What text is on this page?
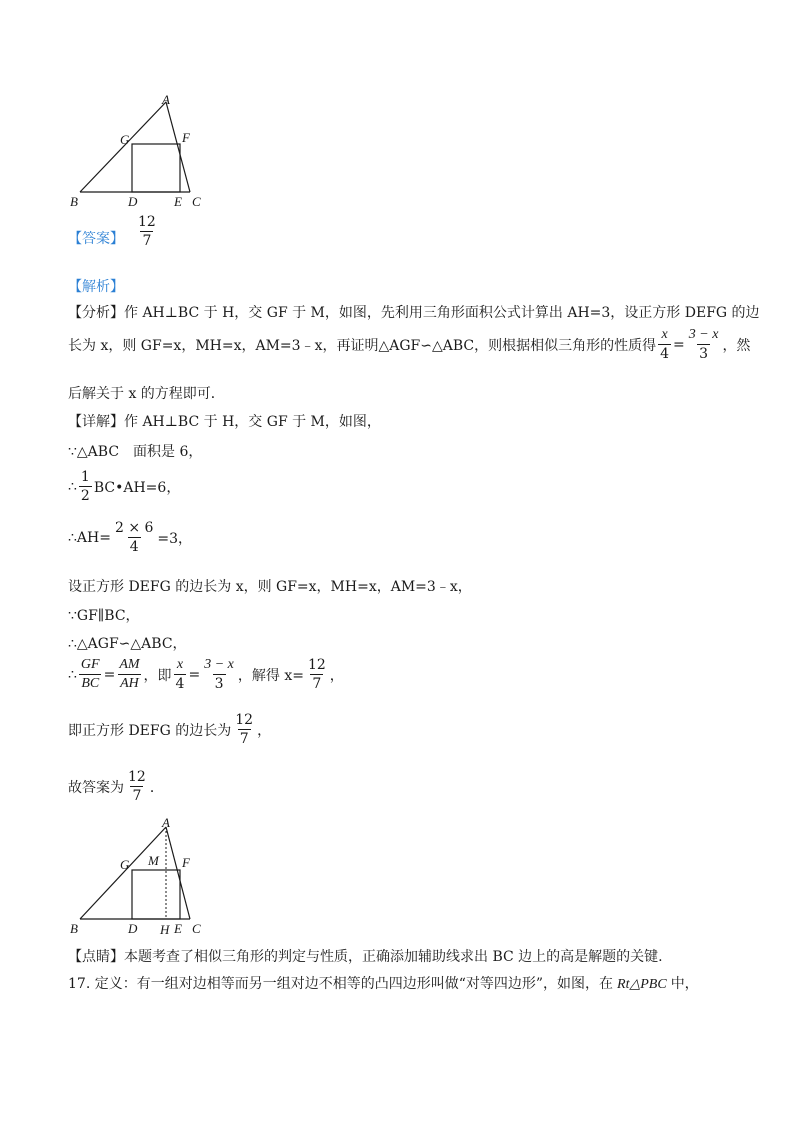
A
G	F
B	D	E C
【答案】 $\frac{12}{7}$
【解析】
【分析】作 AH⊥BC 于 H，交 GF 于 M，如图，先利用三角形面积公式计算出 AH=3，设正方形 DEFG 的边
长为 x，则 GF=x，MH=x，AM=3﹣x，再证明△AGF∽△ABC，则根据相似三角形的性质得 $\frac{x}{4} = \frac{3 - x}{3}$ ，然
后解关于 x 的方程即可．
【详解】作 AH⊥BC 于 H，交 GF 于 M，如图，
∵△ABC　面积是 6，
∴ $\frac{1}{2}$ BC•AH=6，
∴AH= $\frac{2 \times 6}{4} =3$，
设正方形 DEFG 的边长为 x，则 GF=x，MH=x，AM=3﹣x，
∵GF∥BC，
∴△AGF∽△ABC，
∴ $\frac{GF}{BC} = \frac{AM}{AH}$ ，即 $\frac{x}{4} = \frac{3 - x}{3}$ ，解得 $x= \frac{12}{7}$ ，
即正方形 DEFG 的边长为 $\frac{12}{7}$ ，
故答案为 $\frac{12}{7}$ ．
A
G M F
B	D H E C
【点睛】本题考查了相似三角形的判定与性质，正确添加辅助线求出 BC 边上的高是解题的关键.
17. 定义：有一组对边相等而另一组对边不相等的凸四边形叫做“对等四边形”，如图，在 Rt△PBC 中，
